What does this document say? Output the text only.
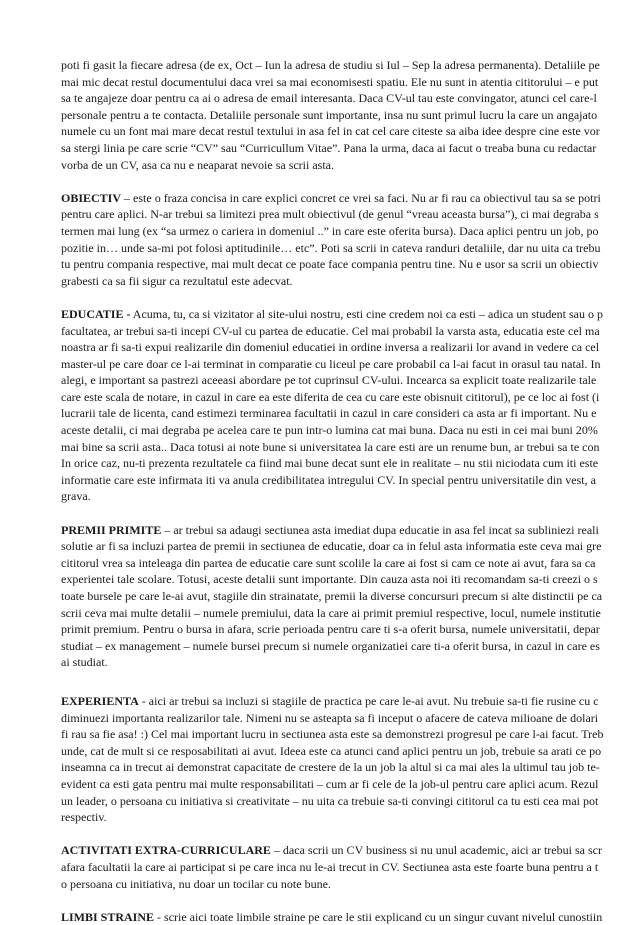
poti fi gasit la fiecare adresa (de ex, Oct – Iun la adresa de studiu si Iul – Sep la adresa permanenta). Detaliile pe
mai mic decat restul documentului daca vrei sa mai economisesti spatiu. Ele nu sunt in atentia cititorului – e put
sa te angajeze doar pentru ca ai o adresa de email interesanta. Daca CV-ul tau este convingator, atunci cel care-l
personale pentru a te contacta. Detaliile personale sunt importante, insa nu sunt primul lucru la care un angajato
numele cu un font mai mare decat restul textului in asa fel in cat cel care citeste sa aiba idee despre cine este vor
sa stergi linia pe care scrie “CV” sau “Curricullum Vitae”. Pana la urma, daca ai facut o treaba buna cu redactar
vorba de un CV, asa ca nu e neaparat nevoie sa scrii asta.
OBIECTIV – este o fraza concisa in care explici concret ce vrei sa faci. Nu ar fi rau ca obiectivul tau sa se potri
pentru care aplici. N-ar trebui sa limitezi prea mult obiectivul (de genul “vreau aceasta bursa”), ci mai degraba s
termen mai lung (ex “sa urmez o cariera in domeniul ..” in care este oferita bursa). Daca aplici pentru un job, po
pozitie in… unde sa-mi pot folosi aptitudinile… etc”. Poti sa scrii in cateva randuri detaliile, dar nu uita ca trebu
tu pentru compania respective, mai mult decat ce poate face compania pentru tine. Nu e usor sa scrii un obiectiv
grabesti ca sa fii sigur ca rezultatul este adecvat.
EDUCATIE - Acuma, tu, ca si vizitator al site-ului nostru, esti cine credem noi ca esti – adica un student sau o p
facultatea, ar trebui sa-ti incepi CV-ul cu partea de educatie. Cel mai probabil la varsta asta, educatia este cel ma
noastra ar fi sa-ti expui realizarile din domeniul educatiei in ordine inversa a realizarii lor avand in vedere ca cel
master-ul pe care doar ce l-ai terminat in comparatie cu liceul pe care probabil ca l-ai facut in orasul tau natal. In
alegi, e important sa pastrezi aceeasi abordare pe tot cuprinsul CV-ului. Incearca sa explicit toate realizarile tale
care este scala de notare, in cazul in care ea este diferita de cea cu care este obisnuit cititorul), pe ce loc ai fost (i
lucrarii tale de licenta, cand estimezi terminarea facultatii in cazul in care consideri ca asta ar fi important. Nu e
aceste detalii, ci mai degraba pe acelea care te pun intr-o lumina cat mai buna. Daca nu esti in cei mai buni 20%
mai bine sa scrii asta.. Daca totusi ai note bune si universitatea la care esti are un renume bun, ar trebui sa te con
In orice caz, nu-ti prezenta rezultatele ca fiind mai bune decat sunt ele in realitate – nu stii niciodata cum iti este
informatie care este infirmata iti va anula credibilitatea intregului CV. In special pentru universitatile din vest, a
grava.
PREMII PRIMITE – ar trebui sa adaugi sectiunea asta imediat dupa educatie in asa fel incat sa subliniezi reali
solutie ar fi sa incluzi partea de premii in sectiunea de educatie, doar ca in felul asta informatia este ceva mai gre
cititorul vrea sa inteleaga din partea de educatie care sunt scolile la care ai fost si cam ce note ai avut, fara sa ca
experientei tale scolare. Totusi, aceste detalii sunt importante. Din cauza asta noi iti recomandam sa-ti creezi o s
toate burselе pe care le-ai avut, stagiile din strainatate, premii la diverse concursuri precum si alte distinctii pe ca
scrii ceva mai multe detalii – numele premiului, data la care ai primit premiul respective, locul, numele institutie
primit premium. Pentru o bursa in afara, scrie perioada pentru care ti s-a oferit bursa, numele universitatii, depar
studiat – ex management – numele bursei precum si numele organizatiei care ti-a oferit bursa, in cazul in care es
ai studiat.
EXPERIENTA - aici ar trebui sa incluzi si stagiile de practica pe care le-ai avut. Nu trebuie sa-ti fie rusine cu c
diminuezi importanta realizarilor tale. Nimeni nu se asteapta sa fi inceput o afacere de cateva milioane de dolari
fi rau sa fie asa! :) Cel mai important lucru in sectiunea asta este sa demonstrezi progresul pe care l-ai facut. Treb
unde, cat de mult si ce resposabilitati ai avut. Ideea este ca atunci cand aplici pentru un job, trebuie sa arati ce po
inseamna ca in trecut ai demonstrat capacitate de crestere de la un job la altul si ca mai ales la ultimul tau job te-
evident ca esti gata pentru mai multe responsabilitati – cum ar fi cele de la job-ul pentru care aplici acum. Rezul
un leader, o persoana cu initiativa si creativitate – nu uita ca trebuie sa-ti convingi cititorul ca tu esti cea mai pot
respectiv.
ACTIVITATI EXTRA-CURRICULARE – daca scrii un CV business si nu unul academic, aici ar trebui sa scr
afara facultatii la care ai participat si pe care inca nu le-ai trecut in CV. Sectiunea asta este foarte buna pentru a t
o persoana cu initiativa, nu doar un tocilar cu note bune.
LIMBI STRAINE - scrie aici toate limbile straine pe care le stii explicand cu un singur cuvant nivelul cunostiin
